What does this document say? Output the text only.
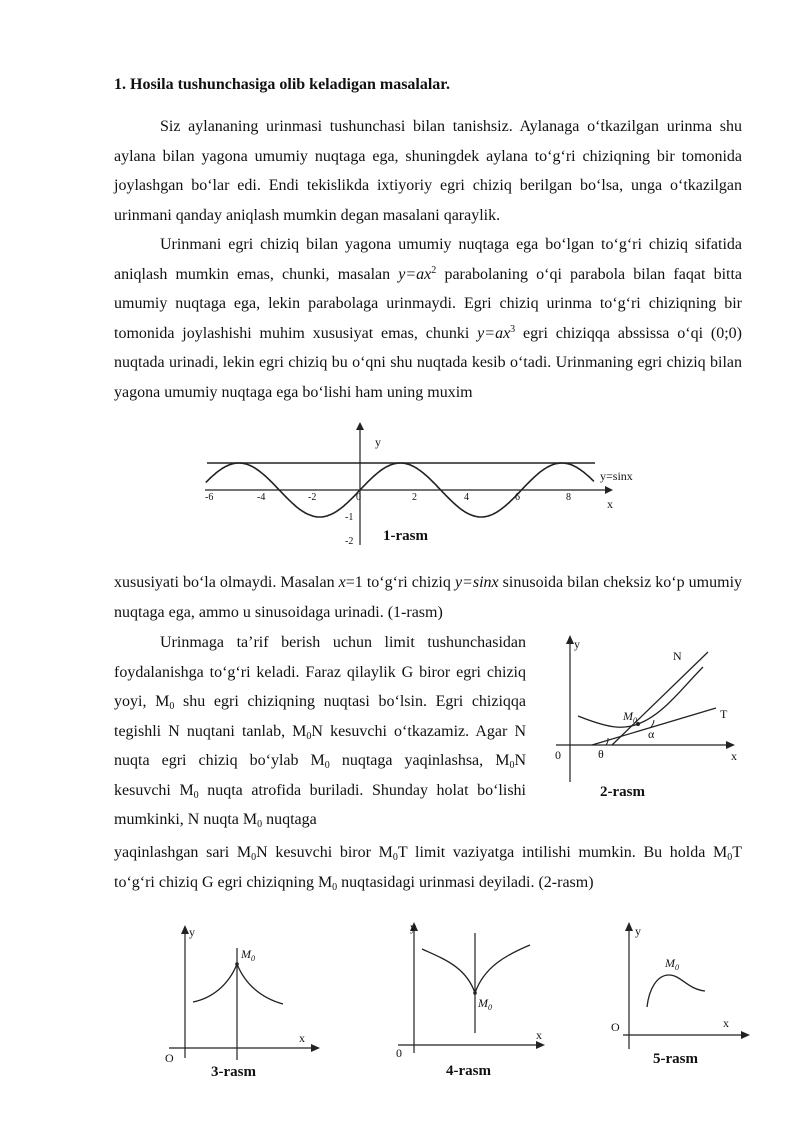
1. Hosila tushunchasiga olib keladigan masalalar.

Siz aylananing urinmasi tushunchasi bilan tanishsiz. Aylanaga o‘tkazilgan urinma shu aylana bilan yagona umumiy nuqtaga ega, shuningdek aylana to‘g‘ri chiziqning bir tomonida joylashgan bo‘lar edi. Endi tekislikda ixtiyoriy egri chiziq berilgan bo‘lsa, unga o‘tkazilgan urinmani qanday aniqlash mumkin degan masalani qaraylik.

Urinmani egri chiziq bilan yagona umumiy nuqtaga ega bo‘lgan to‘g‘ri chiziq sifatida aniqlash mumkin emas, chunki, masalan $y=ax^2$ parabolaning o‘qi parabola bilan faqat bitta umumiy nuqtaga ega, lekin parabolaga urinmaydi. Egri chiziq urinma to‘g‘ri chiziqning bir tomonida joylashishi muhim xususiyat emas, chunki $y=ax^3$ egri chiziqqa abssissa o‘qi (0;0) nuqtada urinadi, lekin egri chiziq bu o‘qni shu nuqtada kesib o‘tadi. Urinmaning egri chiziq bilan yagona umumiy nuqtaga ega bo‘lishi ham uning muxim

y
x
y=sinx
-6	-4	-2	0	2	4	6	8
-1
-2 1-rasm

xususiyati bo‘la olmaydi. Masalan x=1 to‘g‘ri chiziq y=sinx sinusoida bilan cheksiz ko‘p umumiy nuqtaga ega, ammo u sinusoidaga urinadi. (1-rasm)

Urinmaga ta’rif berish uchun limit tushunchasidan foydalanishga to‘g‘ri keladi. Faraz qilaylik G biror egri chiziq yoyi, $M_0$ shu egri chiziqning nuqtasi bo‘lsin. Egri chiziqqa tegishli N nuqtani tanlab, $M_0N$ kesuvchi o‘tkazamiz. Agar N nuqta egri chiziq bo‘ylab $M_0$ nuqtaga yaqinlashsa, $M_0N$ kesuvchi $M_0$ nuqta atrofida buriladi. Shunday holat bo‘lishi mumkinki, N nuqta $M_0$ nuqtaga

yaqinlashgan sari $M_0N$ kesuvchi biror $M_0T$ limit vaziyatga intilishi mumkin. Bu holda $M_0T$ to‘g‘ri chiziq G egri chiziqning $M_0$ nuqtasidagi urinmasi deyiladi. (2-rasm)

y
x
0
N
T
$M_0$
θ
α
2-rasm
y
x
O
$M_0$
3-rasm
y
x
0
$M_0$
4-rasm
y
x
O
$M_0$
5-rasm
